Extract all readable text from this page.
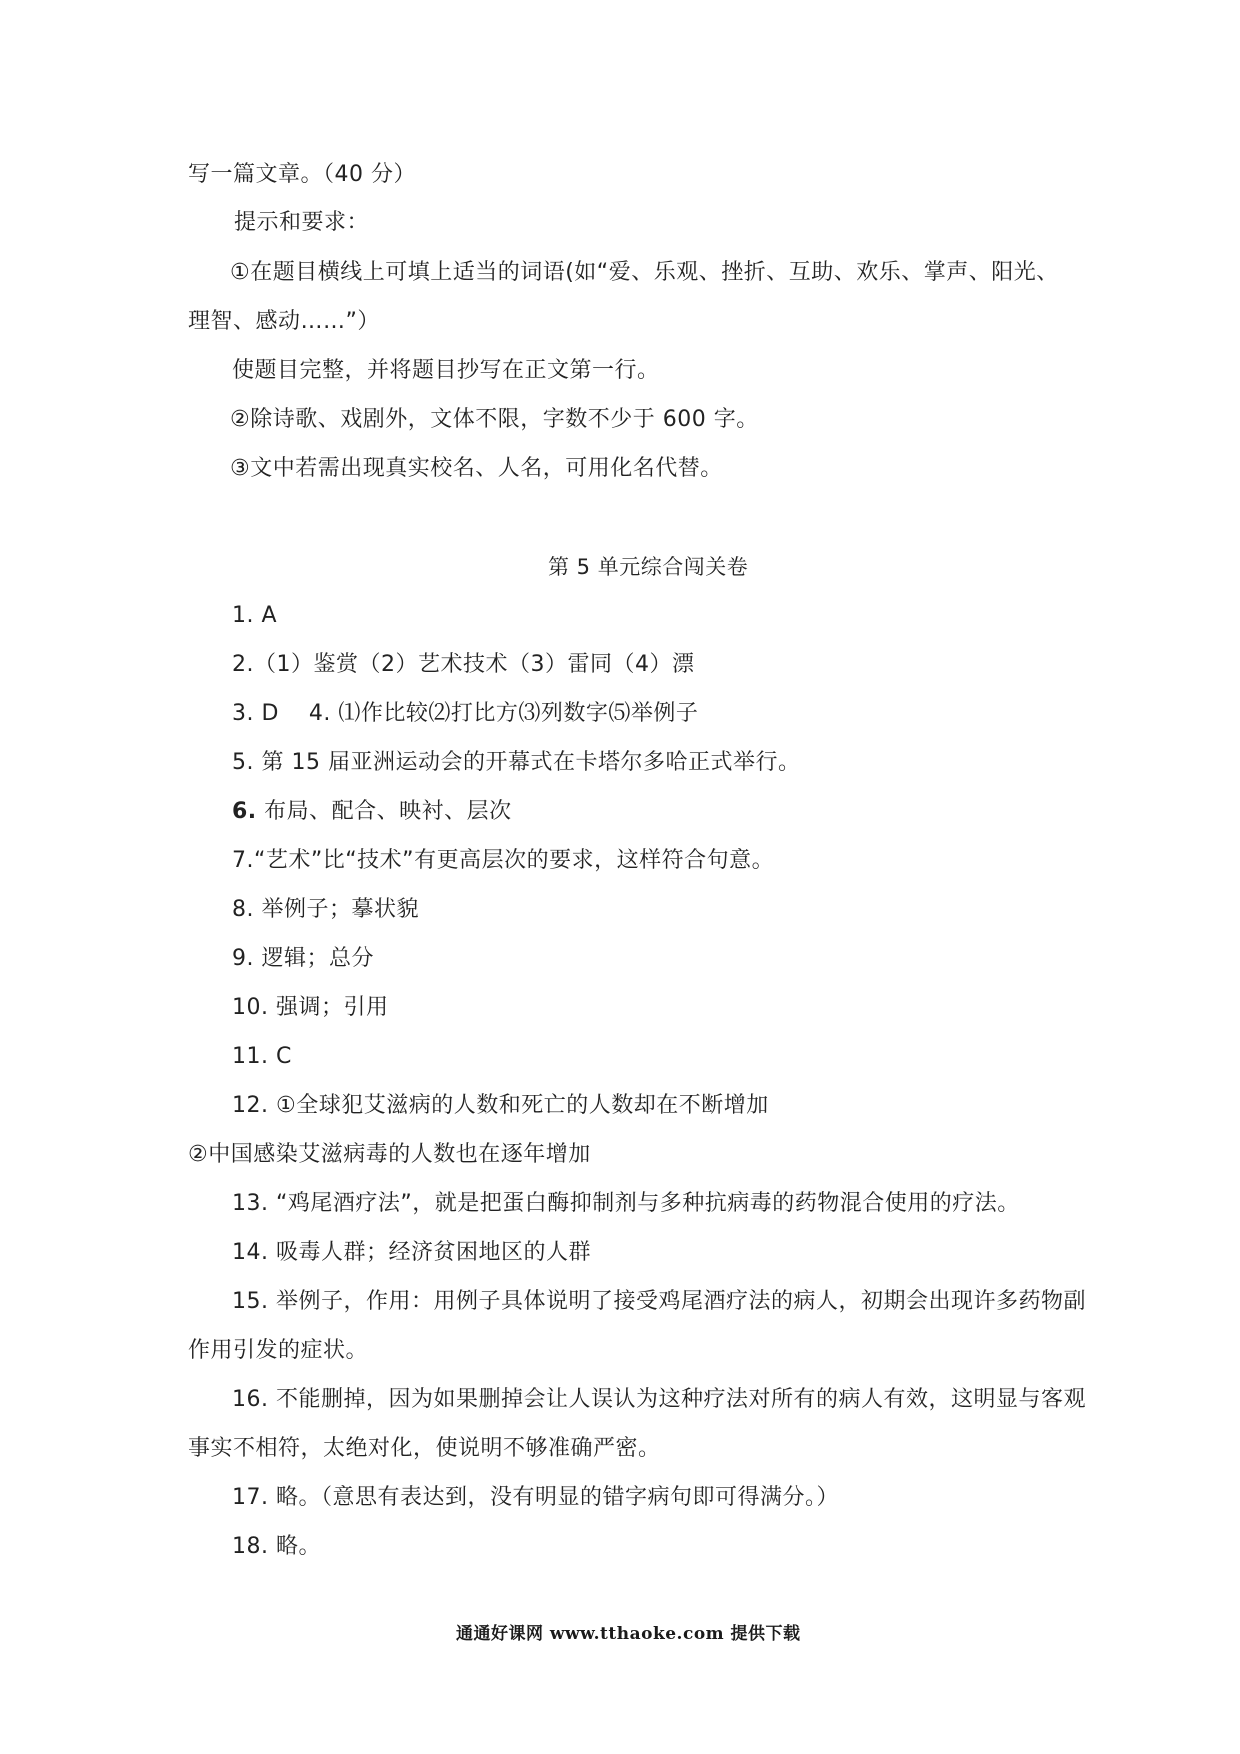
写一篇文章。（40 分）
提示和要求：
①在题目横线上可填上适当的词语(如“爱、乐观、挫折、互助、欢乐、掌声、阳光、
理智、感动……”）
使题目完整，并将题目抄写在正文第一行。
②除诗歌、戏剧外，文体不限，字数不少于 600 字。
③文中若需出现真实校名、人名，可用化名代替。
第 5 单元综合闯关卷
1. A
2.（1）鉴赏（2）艺术技术（3）雷同（4）漂
3. D　 4. ⑴作比较⑵打比方⑶列数字⑸举例子
5. 第 15 届亚洲运动会的开幕式在卡塔尔多哈正式举行。
6. 布局、配合、映衬、层次
7.“艺术”比“技术”有更高层次的要求，这样符合句意。
8. 举例子；摹状貌
9. 逻辑；总分
10. 强调；引用
11. C
12. ①全球犯艾滋病的人数和死亡的人数却在不断增加
②中国感染艾滋病毒的人数也在逐年增加
13. “鸡尾酒疗法”，就是把蛋白酶抑制剂与多种抗病毒的药物混合使用的疗法。
14. 吸毒人群；经济贫困地区的人群
15. 举例子，作用：用例子具体说明了接受鸡尾酒疗法的病人，初期会出现许多药物副
作用引发的症状。
16. 不能删掉，因为如果删掉会让人误认为这种疗法对所有的病人有效，这明显与客观
事实不相符，太绝对化，使说明不够准确严密。
17. 略。（意思有表达到，没有明显的错字病句即可得满分。）
18. 略。
通通好课网 www.tthaoke.com 提供下载
